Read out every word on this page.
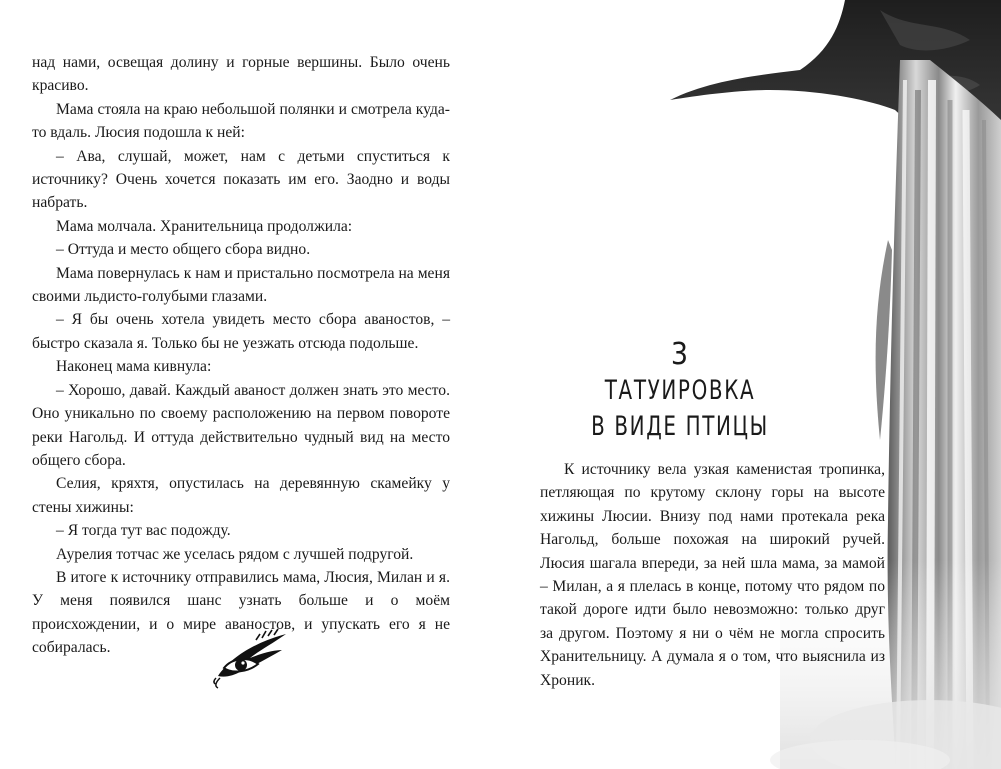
над нами, освещая долину и горные вершины. Было очень красиво.

Мама стояла на краю небольшой полянки и смотрела куда-то вдаль. Люсия подошла к ней:

– Ава, слушай, может, нам с детьми спуститься к источнику? Очень хочется показать им его. Заодно и воды набрать.

Мама молчала. Хранительница продолжила:

– Оттуда и место общего сбора видно.

Мама повернулась к нам и пристально посмотрела на меня своими льдисто-голубыми глазами.

– Я бы очень хотела увидеть место сбора аваностов, – быстро сказала я. Только бы не уезжать отсюда подольше.

Наконец мама кивнула:

– Хорошо, давай. Каждый аваност должен знать это место. Оно уникально по своему расположению на первом повороте реки Нагольд. И оттуда действительно чудный вид на место общего сбора.

Селия, кряхтя, опустилась на деревянную скамейку у стены хижины:

– Я тогда тут вас подожду.

Аурелия тотчас же уселась рядом с лучшей подругой.

В итоге к источнику отправились мама, Люсия, Милан и я. У меня появился шанс узнать больше и о моём происхождении, и о мире аваностов, и упускать его я не собиралась.

3
ТАТУИРОВКА
В ВИДЕ ПТИЦЫ

К источнику вела узкая каменистая тропинка, петляющая по крутому склону горы на высоте хижины Люсии. Внизу под нами протекала река Нагольд, больше похожая на широкий ручей. Люсия шагала впереди, за ней шла мама, за мамой – Милан, а я плелась в конце, потому что рядом по такой дороге идти было невозможно: только друг за другом. Поэтому я ни о чём не могла спросить Хранительницу. А думала я о том, что выяснила из Хроник.
